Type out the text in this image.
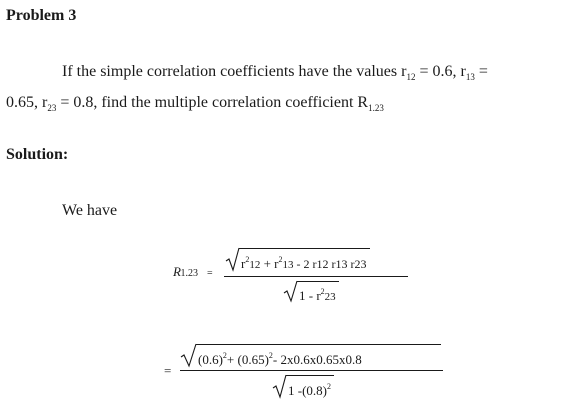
Problem 3
If the simple correlation coefficients have the values $r_{12} = 0.6$, $r_{13}$ =
0.65, $r_{23} = 0.8$, find the multiple correlation coefficient $R_{1.23}$
Solution:
We have
R1.23 =
$r^212 + r^213 - 2$ r12 r13 r23
$1 - r^223$
=
$(0.6)^2+ (0.65)^2-$ 2x0.6x0.65x0.8
1 $-(0.8)^2$
